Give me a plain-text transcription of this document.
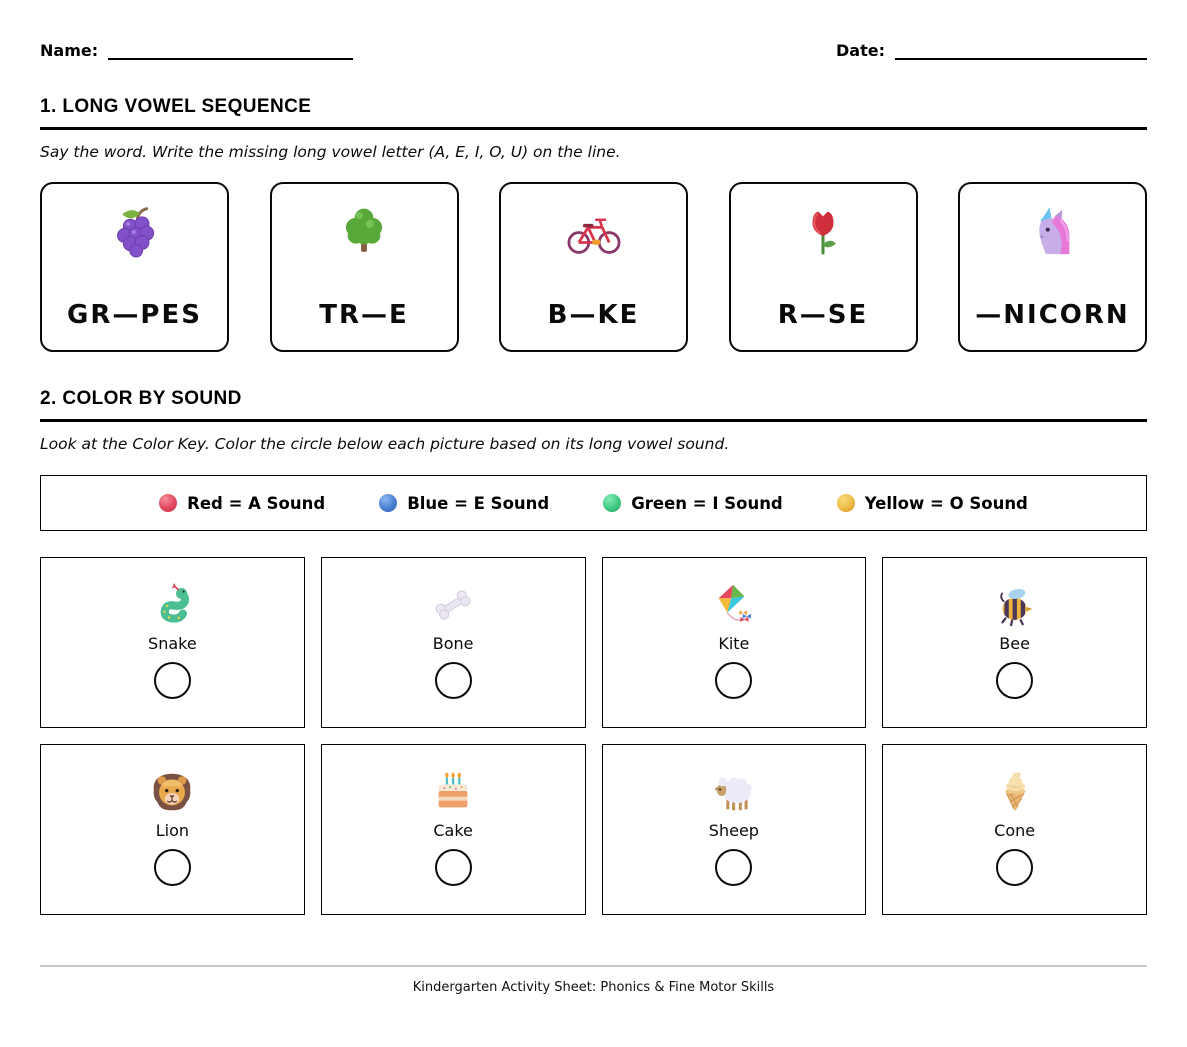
Name:	Date:
1. LONG VOWEL SEQUENCE
Say the word. Write the missing long vowel letter (A, E, I, O, U) on the line.
GR—PES	TR—E	B—KE	R—SE	—NICORN
2. COLOR BY SOUND
Look at the Color Key. Color the circle below each picture based on its long vowel sound.
Red = A Sound	Blue = E Sound	Green = I Sound	Yellow = O Sound
Snake	Bone	Kite	Bee
Lion	Cake	Sheep	Cone
Kindergarten Activity Sheet: Phonics & Fine Motor Skills
